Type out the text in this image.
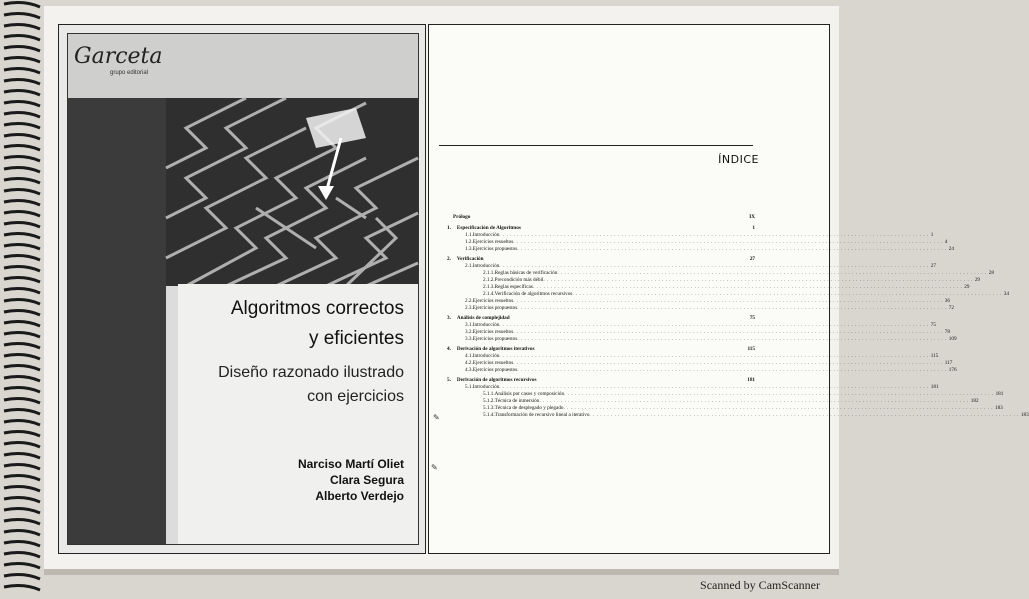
Garceta
grupo editorial
Algoritmos correctos
y eficientes
Diseño razonado ilustrado
con ejercicios
Narciso Martí Oliet
Clara Segura
Alberto Verdejo
ÍNDICE
Prólogo	IX
1. Especificación de Algoritmos	1
1.1. Introducción . . . . . . . . . . . . . . . . . . . . . . . . . . . . . . . . . . . . . . . . . . . . . . . . . . . . . . . . . . . . . . . . . . . . . . . . . . . . . . . . . . . . . . . . . . . . . . . . . . . . . . . . . . . . . . . . . . . . . . . . 1
1.2. Ejercicios resueltos . . . . . . . . . . . . . . . . . . . . . . . . . . . . . . . . . . . . . . . . . . . . . . . . . . . . . . . . . . . . . . . . . . . . . . . . . . . . . . . . . . . . . . . . . . . . . . . . . . . . . . . . . . . . . . . . . . . . . . . . 4
1.3. Ejercicios propuestos . . . . . . . . . . . . . . . . . . . . . . . . . . . . . . . . . . . . . . . . . . . . . . . . . . . . . . . . . . . . . . . . . . . . . . . . . . . . . . . . . . . . . . . . . . . . . . . . . . . . . . . . . . . . . . . . . . . . . . . . 24
2. Verificación	27
2.1. Introducción . . . . . . . . . . . . . . . . . . . . . . . . . . . . . . . . . . . . . . . . . . . . . . . . . . . . . . . . . . . . . . . . . . . . . . . . . . . . . . . . . . . . . . . . . . . . . . . . . . . . . . . . . . . . . . . . . . . . . . . . 27
2.1.1. Reglas básicas de verificación . . . . . . . . . . . . . . . . . . . . . . . . . . . . . . . . . . . . . . . . . . . . . . . . . . . . . . . . . . . . . . . . . . . . . . . . . . . . . . . . . . . . . . . . . . . . . . . . . . . . . . . . . . . . . . . . . . . . . . . . 28
2.1.2. Precondición más débil . . . . . . . . . . . . . . . . . . . . . . . . . . . . . . . . . . . . . . . . . . . . . . . . . . . . . . . . . . . . . . . . . . . . . . . . . . . . . . . . . . . . . . . . . . . . . . . . . . . . . . . . . . . . . . . . . . . . . . . . 29
2.1.3. Reglas específicas . . . . . . . . . . . . . . . . . . . . . . . . . . . . . . . . . . . . . . . . . . . . . . . . . . . . . . . . . . . . . . . . . . . . . . . . . . . . . . . . . . . . . . . . . . . . . . . . . . . . . . . . . . . . . . . . . . . . . . . . 29
2.1.4. Verificación de algoritmos recursivos . . . . . . . . . . . . . . . . . . . . . . . . . . . . . . . . . . . . . . . . . . . . . . . . . . . . . . . . . . . . . . . . . . . . . . . . . . . . . . . . . . . . . . . . . . . . . . . . . . . . . . . . . . . . . . . . . . . . . . . . 34
2.2. Ejercicios resueltos . . . . . . . . . . . . . . . . . . . . . . . . . . . . . . . . . . . . . . . . . . . . . . . . . . . . . . . . . . . . . . . . . . . . . . . . . . . . . . . . . . . . . . . . . . . . . . . . . . . . . . . . . . . . . . . . . . . . . . . . 36
2.3. Ejercicios propuestos . . . . . . . . . . . . . . . . . . . . . . . . . . . . . . . . . . . . . . . . . . . . . . . . . . . . . . . . . . . . . . . . . . . . . . . . . . . . . . . . . . . . . . . . . . . . . . . . . . . . . . . . . . . . . . . . . . . . . . . . 72
3. Análisis de complejidad	75
3.1. Introducción . . . . . . . . . . . . . . . . . . . . . . . . . . . . . . . . . . . . . . . . . . . . . . . . . . . . . . . . . . . . . . . . . . . . . . . . . . . . . . . . . . . . . . . . . . . . . . . . . . . . . . . . . . . . . . . . . . . . . . . . 75
3.2. Ejercicios resueltos . . . . . . . . . . . . . . . . . . . . . . . . . . . . . . . . . . . . . . . . . . . . . . . . . . . . . . . . . . . . . . . . . . . . . . . . . . . . . . . . . . . . . . . . . . . . . . . . . . . . . . . . . . . . . . . . . . . . . . . . 78
3.3. Ejercicios propuestos . . . . . . . . . . . . . . . . . . . . . . . . . . . . . . . . . . . . . . . . . . . . . . . . . . . . . . . . . . . . . . . . . . . . . . . . . . . . . . . . . . . . . . . . . . . . . . . . . . . . . . . . . . . . . . . . . . . . . . . . 109
4. Derivación de algoritmos iterativos	115
4.1. Introducción . . . . . . . . . . . . . . . . . . . . . . . . . . . . . . . . . . . . . . . . . . . . . . . . . . . . . . . . . . . . . . . . . . . . . . . . . . . . . . . . . . . . . . . . . . . . . . . . . . . . . . . . . . . . . . . . . . . . . . . . 115
4.2. Ejercicios resueltos . . . . . . . . . . . . . . . . . . . . . . . . . . . . . . . . . . . . . . . . . . . . . . . . . . . . . . . . . . . . . . . . . . . . . . . . . . . . . . . . . . . . . . . . . . . . . . . . . . . . . . . . . . . . . . . . . . . . . . . . 117
4.3. Ejercicios propuestos . . . . . . . . . . . . . . . . . . . . . . . . . . . . . . . . . . . . . . . . . . . . . . . . . . . . . . . . . . . . . . . . . . . . . . . . . . . . . . . . . . . . . . . . . . . . . . . . . . . . . . . . . . . . . . . . . . . . . . . . 176
5. Derivación de algoritmos recursivos	181
5.1. Introducción . . . . . . . . . . . . . . . . . . . . . . . . . . . . . . . . . . . . . . . . . . . . . . . . . . . . . . . . . . . . . . . . . . . . . . . . . . . . . . . . . . . . . . . . . . . . . . . . . . . . . . . . . . . . . . . . . . . . . . . . 181
5.1.1. Análisis por casos y composición . . . . . . . . . . . . . . . . . . . . . . . . . . . . . . . . . . . . . . . . . . . . . . . . . . . . . . . . . . . . . . . . . . . . . . . . . . . . . . . . . . . . . . . . . . . . . . . . . . . . . . . . . . . . . . . . . . . . . . . . 181
5.1.2. Técnica de inmersión . . . . . . . . . . . . . . . . . . . . . . . . . . . . . . . . . . . . . . . . . . . . . . . . . . . . . . . . . . . . . . . . . . . . . . . . . . . . . . . . . . . . . . . . . . . . . . . . . . . . . . . . . . . . . . . . . . . . . . . . 182
5.1.3. Técnica de desplegado y plegado . . . . . . . . . . . . . . . . . . . . . . . . . . . . . . . . . . . . . . . . . . . . . . . . . . . . . . . . . . . . . . . . . . . . . . . . . . . . . . . . . . . . . . . . . . . . . . . . . . . . . . . . . . . . . . . . . . . . . . . . 183
5.1.4. Transformación de recursivo lineal a iterativo . . . . . . . . . . . . . . . . . . . . . . . . . . . . . . . . . . . . . . . . . . . . . . . . . . . . . . . . . . . . . . . . . . . . . . . . . . . . . . . . . . . . . . . . . . . . . . . . . . . . . . . . . . . . . . . . . . . . . . . . 183
✎
✎
Scanned by CamScanner
